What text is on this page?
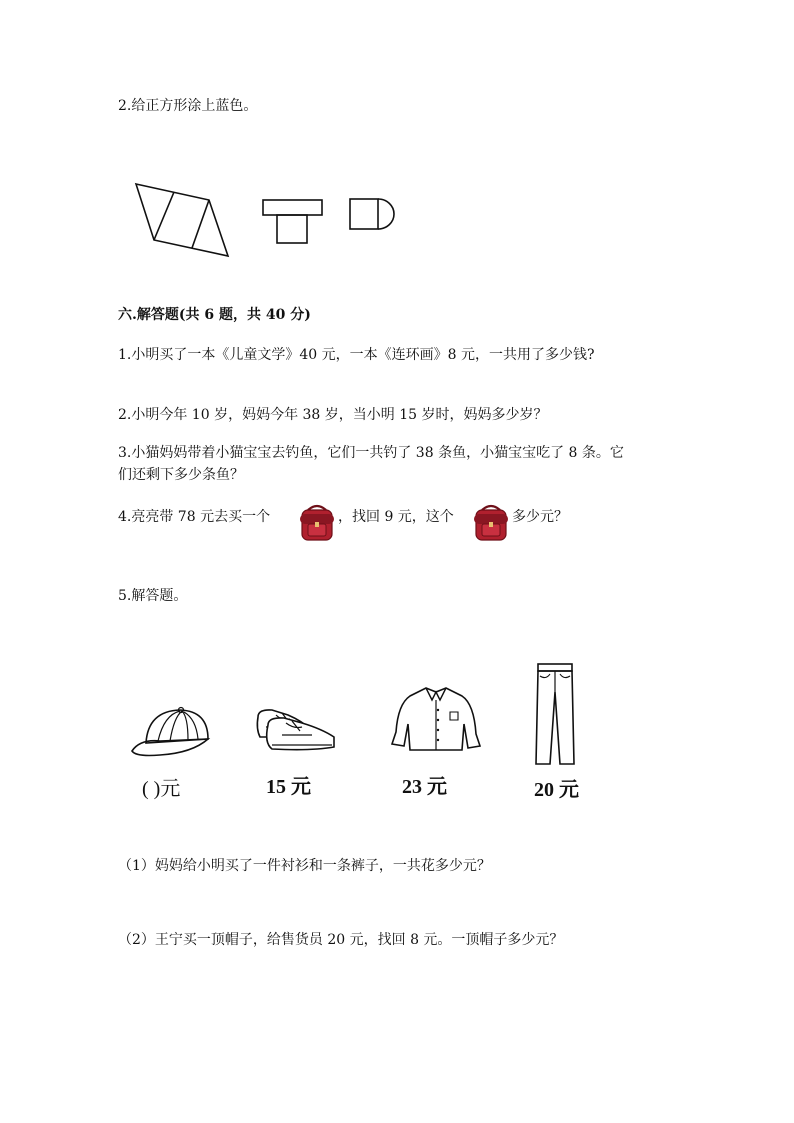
2.给正方形涂上蓝色。
六.解答题(共 6 题，共 40 分)
1.小明买了一本《儿童文学》40 元，一本《连环画》8 元，一共用了多少钱?
2.小明今年 10 岁，妈妈今年 38 岁，当小明 15 岁时，妈妈多少岁？
3.小猫妈妈带着小猫宝宝去钓鱼，它们一共钓了 38 条鱼，小猫宝宝吃了 8 条。它
们还剩下多少条鱼？
4.亮亮带 78 元去买一个	，找回 9 元，这个	多少元？
5.解答题。
( )元	15 元	23 元	20 元
（1）妈妈给小明买了一件衬衫和一条裤子，一共花多少元？
（2）王宁买一顶帽子，给售货员 20 元，找回 8 元。一顶帽子多少元？
